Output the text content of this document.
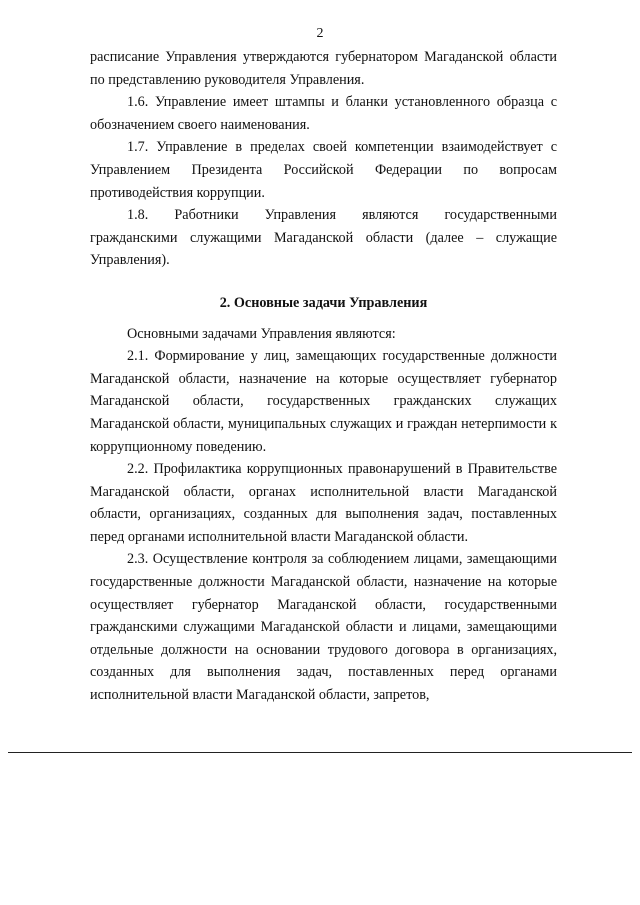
2

расписание Управления утверждаются губернатором Магаданской области по представлению руководителя Управления.

1.6. Управление имеет штампы и бланки установленного образца с обозначением своего наименования.

1.7. Управление в пределах своей компетенции взаимодействует с Управлением Президента Российской Федерации по вопросам противодействия коррупции.

1.8. Работники Управления являются государственными гражданскими служащими Магаданской области (далее – служащие Управления).

2. Основные задачи Управления

Основными задачами Управления являются:

2.1. Формирование у лиц, замещающих государственные должности Магаданской области, назначение на которые осуществляет губернатор Магаданской области, государственных гражданских служащих Магаданской области, муниципальных служащих и граждан нетерпимости к коррупционному поведению.

2.2. Профилактика коррупционных правонарушений в Правительстве Магаданской области, органах исполнительной власти Магаданской области, организациях, созданных для выполнения задач, поставленных перед органами исполнительной власти Магаданской области.

2.3. Осуществление контроля за соблюдением лицами, замещающими государственные должности Магаданской области, назначение на которые осуществляет губернатор Магаданской области, государственными гражданскими служащими Магаданской области и лицами, замещающими отдельные должности на основании трудового договора в организациях, созданных для выполнения задач, поставленных перед органами исполнительной власти Магаданской области, запретов,
